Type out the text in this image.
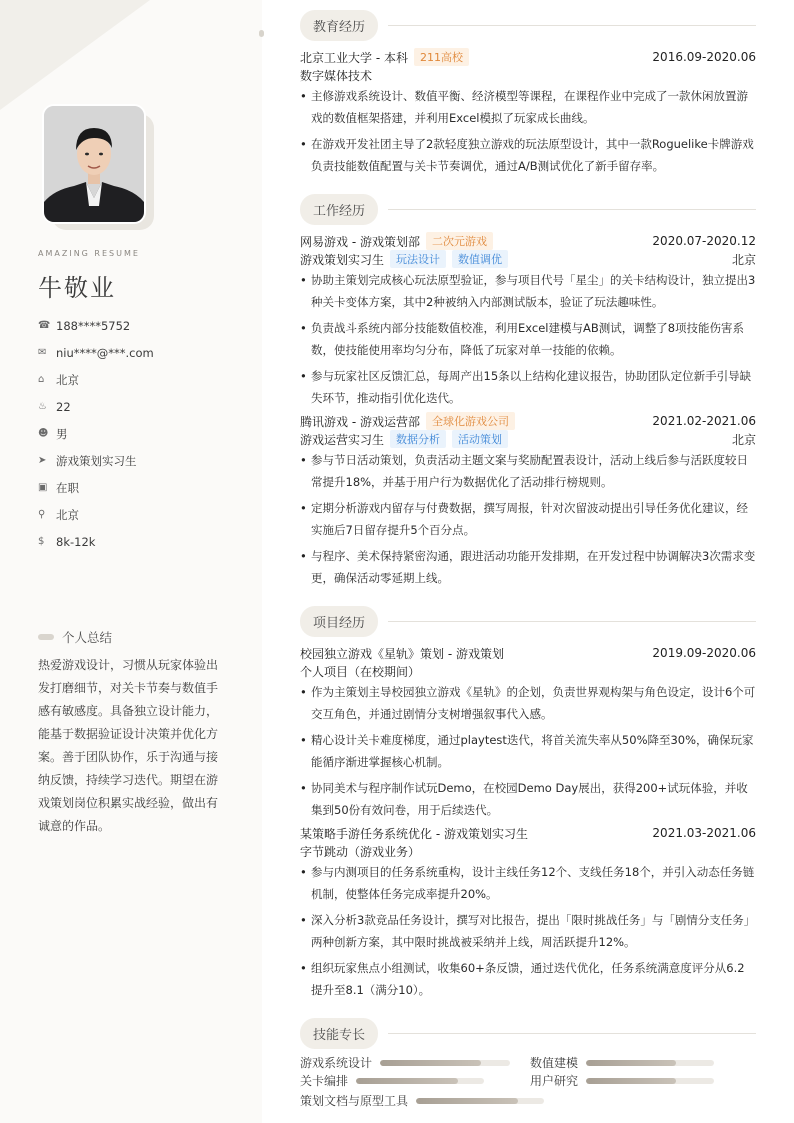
AMAZING RESUME
牛敬业
☎ 188****5752
✉ niu****@***.com
⌂	北京
♨ 22
☻ 男
➤ 游戏策划实习生
▣ 在职
⚲ 北京
$	8k-12k
个人总结
热爱游戏设计，习惯从玩家体验出发打磨细节，对关卡节奏与数值手感有敏感度。具备独立设计能力，能基于数据验证设计决策并优化方案。善于团队协作，乐于沟通与接纳反馈，持续学习迭代。期望在游戏策划岗位积累实战经验，做出有诚意的作品。
教育经历
北京工业大学 - 本科	211高校	2016.09-2020.06
数字媒体技术
• 主修游戏系统设计、数值平衡、经济模型等课程，在课程作业中完成了一款休闲放置游戏的数值框架搭建，并利用Excel模拟了玩家成长曲线。
• 在游戏开发社团主导了2款轻度独立游戏的玩法原型设计，其中一款Roguelike卡牌游戏负责技能数值配置与关卡节奏调优，通过A/B测试优化了新手留存率。
工作经历
网易游戏 - 游戏策划部	二次元游戏	2020.07-2020.12
游戏策划实习生	玩法设计	数值调优	北京
• 协助主策划完成核心玩法原型验证，参与项目代号「星尘」的关卡结构设计，独立提出3种关卡变体方案，其中2种被纳入内部测试版本，验证了玩法趣味性。
• 负责战斗系统内部分技能数值校准，利用Excel建模与AB测试，调整了8项技能伤害系数，使技能使用率均匀分布，降低了玩家对单一技能的依赖。
• 参与玩家社区反馈汇总，每周产出15条以上结构化建议报告，协助团队定位新手引导缺失环节，推动指引优化迭代。
腾讯游戏 - 游戏运营部	全球化游戏公司	2021.02-2021.06
游戏运营实习生	数据分析	活动策划	北京
• 参与节日活动策划，负责活动主题文案与奖励配置表设计，活动上线后参与活跃度较日常提升18%，并基于用户行为数据优化了活动排行榜规则。
• 定期分析游戏内留存与付费数据，撰写周报，针对次留波动提出引导任务优化建议，经实施后7日留存提升5个百分点。
• 与程序、美术保持紧密沟通，跟进活动功能开发排期，在开发过程中协调解决3次需求变更，确保活动零延期上线。
项目经历
校园独立游戏《星轨》策划 - 游戏策划	2019.09-2020.06
个人项目（在校期间）
• 作为主策划主导校园独立游戏《星轨》的企划，负责世界观构架与角色设定，设计6个可交互角色，并通过剧情分支树增强叙事代入感。
• 精心设计关卡难度梯度，通过playtest迭代，将首关流失率从50%降至30%，确保玩家能循序渐进掌握核心机制。
• 协同美术与程序制作试玩Demo，在校园Demo Day展出，获得200+试玩体验，并收集到50份有效问卷，用于后续迭代。
某策略手游任务系统优化 - 游戏策划实习生	2021.03-2021.06
字节跳动（游戏业务）
• 参与内测项目的任务系统重构，设计主线任务12个、支线任务18个，并引入动态任务链机制，使整体任务完成率提升20%。
• 深入分析3款竞品任务设计，撰写对比报告，提出「限时挑战任务」与「剧情分支任务」两种创新方案，其中限时挑战被采纳并上线，周活跃提升12%。
• 组织玩家焦点小组测试，收集60+条反馈，通过迭代优化，任务系统满意度评分从6.2提升至8.1（满分10）。
技能专长
游戏系统设计	数值建模
关卡编排	用户研究
策划文档与原型工具
